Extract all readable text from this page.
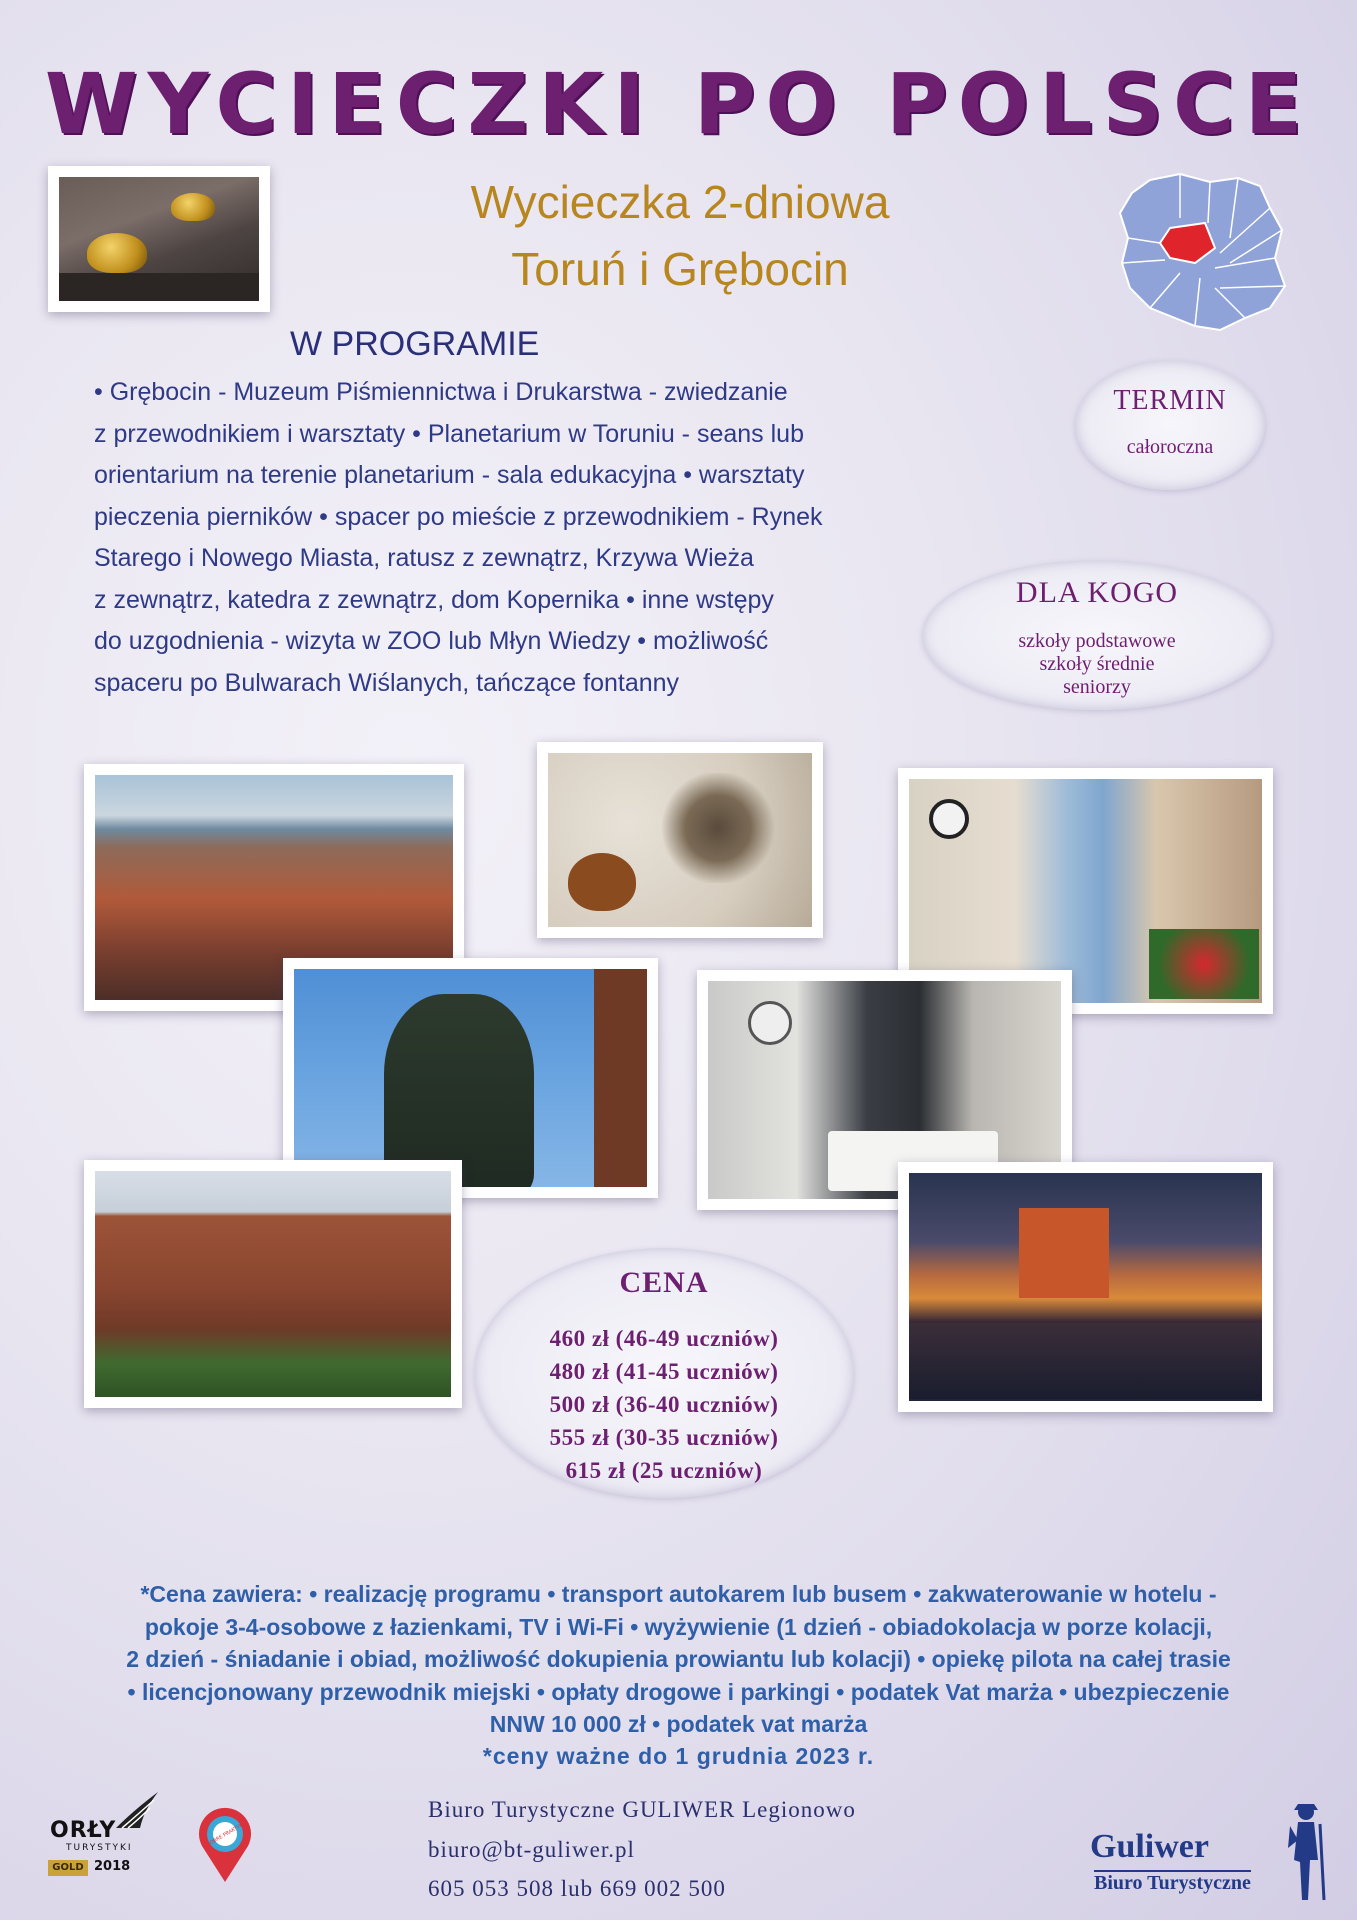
WYCIECZKI PO POLSCE
Wycieczka 2-dniowa
Toruń i Grębocin
W PROGRAMIE
• Grębocin - Muzeum Piśmiennictwa i Drukarstwa - zwiedzanie
z przewodnikiem i warsztaty • Planetarium w Toruniu - seans lub
orientarium na terenie planetarium - sala edukacyjna • warsztaty
pieczenia pierników • spacer po mieście z przewodnikiem - Rynek
Starego i Nowego Miasta, ratusz z zewnątrz, Krzywa Wieża
z zewnątrz, katedra z zewnątrz, dom Kopernika • inne wstępy
do uzgodnienia - wizyta w ZOO lub Młyn Wiedzy • możliwość
spaceru po Bulwarach Wiślanych, tańczące fontanny
TERMIN
całoroczna
DLA KOGO
szkoły podstawowe
szkoły średnie
seniorzy
CENA
460 zł (46-49 uczniów)
480 zł (41-45 uczniów)
500 zł (36-40 uczniów)
555 zł (30-35 uczniów)
615 zł (25 uczniów)
*Cena zawiera: • realizację programu • transport autokarem lub busem • zakwaterowanie w hotelu -
pokoje 3-4-osobowe z łazienkami, TV i Wi-Fi • wyżywienie (1 dzień - obiadokolacja w porze kolacji,
2 dzień - śniadanie i obiad, możliwość dokupienia prowiantu lub kolacji) • opiekę pilota na całej trasie
• licencjonowany przewodnik miejski • opłaty drogowe i parkingi • podatek Vat marża • ubezpieczenie
NNW 10 000 zł • podatek vat marża
*ceny ważne do 1 grudnia 2023 r.
Biuro Turystyczne GULIWER Legionowo
biuro@bt-guliwer.pl
605 053 508 lub 669 002 500
ORŁY
TURYSTYKI
GOLD 2018
DOBRE PRAKTYKI	Guliwer
Biuro Turystyczne
